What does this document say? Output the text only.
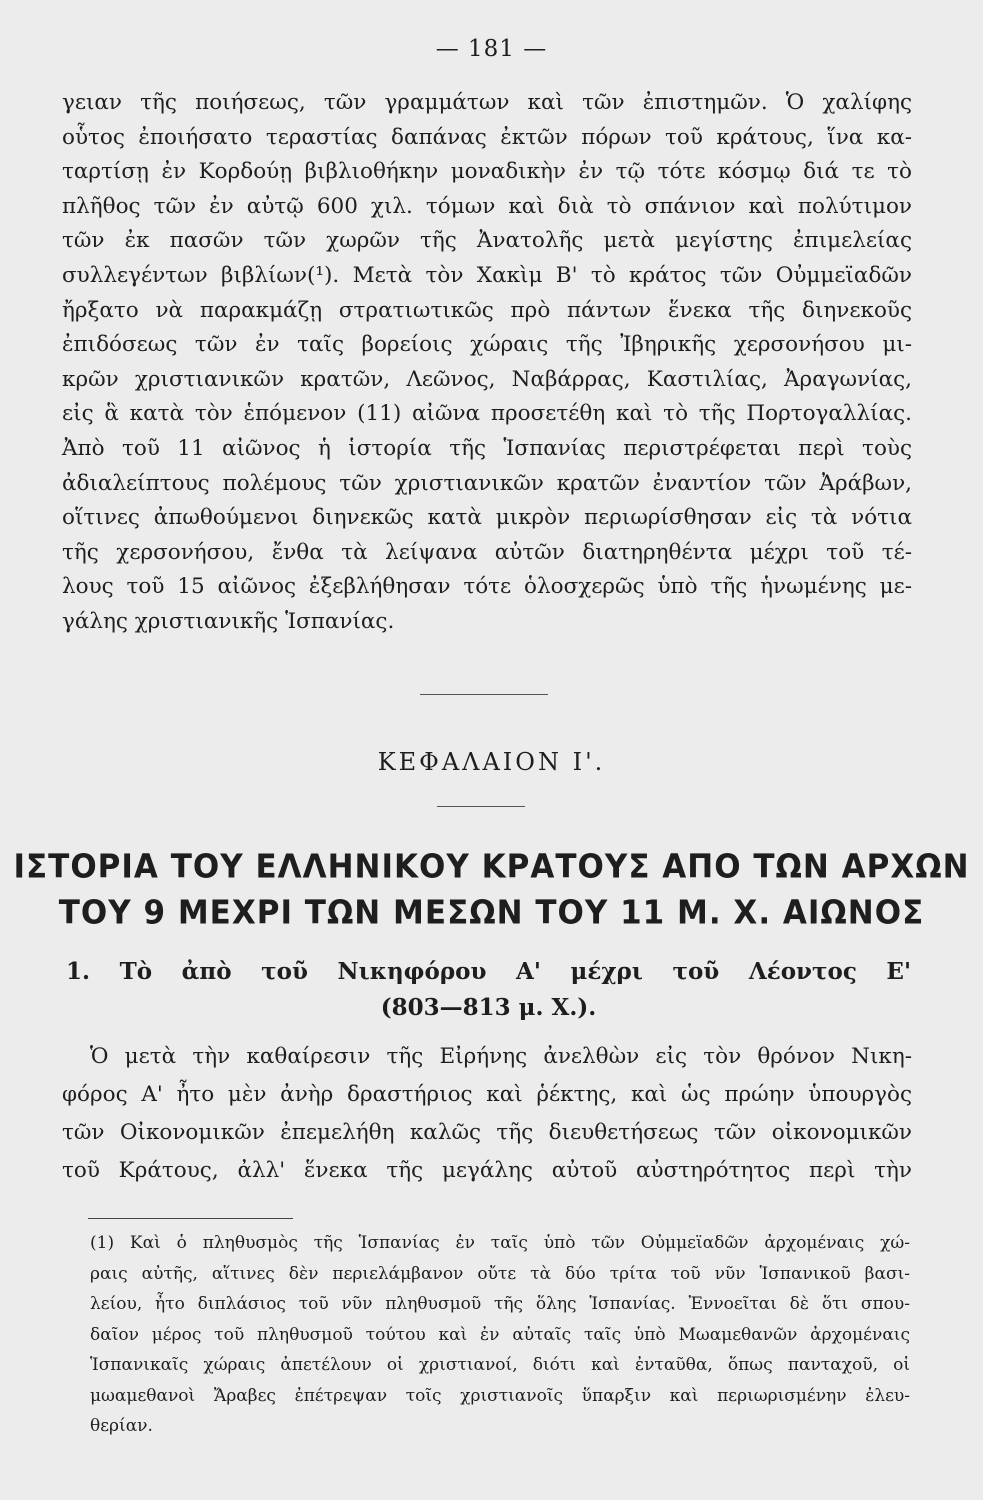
— 181 —
γειαν τῆς ποιήσεως, τῶν γραμμάτων καὶ τῶν ἐπιστημῶν. Ὁ χαλίφης
οὗτος ἐποιήσατο τεραστίας δαπάνας ἐκτῶν πόρων τοῦ κράτους, ἵνα κα-
ταρτίσῃ ἐν Κορδούῃ βιβλιοθήκην μοναδικὴν ἐν τῷ τότε κόσμῳ διά τε τὸ
πλῆθος τῶν ἐν αὐτῷ 600 χιλ. τόμων καὶ διὰ τὸ σπάνιον καὶ πολύτιμον
τῶν ἐκ πασῶν τῶν χωρῶν τῆς Ἀνατολῆς μετὰ μεγίστης ἐπιμελείας
συλλεγέντων βιβλίων(¹). Μετὰ τὸν Χακὶμ Β' τὸ κράτος τῶν Οὐμμεϊαδῶν
ἤρξατο νὰ παρακμάζῃ στρατιωτικῶς πρὸ πάντων ἕνεκα τῆς διηνεκοῦς
ἐπιδόσεως τῶν ἐν ταῖς βορείοις χώραις τῆς Ἰβηρικῆς χερσονήσου μι-
κρῶν χριστιανικῶν κρατῶν, Λεῶνος, Ναβάρρας, Καστιλίας, Ἀραγωνίας,
εἰς ἃ κατὰ τὸν ἑπόμενον (11) αἰῶνα προσετέθη καὶ τὸ τῆς Πορτογαλλίας.
Ἀπὸ τοῦ 11 αἰῶνος ἡ ἱστορία τῆς Ἱσπανίας περιστρέφεται περὶ τοὺς
ἀδιαλείπτους πολέμους τῶν χριστιανικῶν κρατῶν ἐναντίον τῶν Ἀράβων,
οἵτινες ἀπωθούμενοι διηνεκῶς κατὰ μικρὸν περιωρίσθησαν εἰς τὰ νότια
τῆς χερσονήσου, ἔνθα τὰ λείψανα αὐτῶν διατηρηθέντα μέχρι τοῦ τέ-
λους τοῦ 15 αἰῶνος ἐξεβλήθησαν τότε ὁλοσχερῶς ὑπὸ τῆς ἡνωμένης με-
γάλης χριστιανικῆς Ἱσπανίας.
ΚΕΦΑΛΑΙΟΝ Ι'.
ΙΣΤΟΡΙΑ ΤΟΥ ΕΛΛΗΝΙΚΟΥ ΚΡΑΤΟΥΣ ΑΠΟ ΤΩΝ ΑΡΧΩΝ
ΤΟΥ 9 ΜΕΧΡΙ ΤΩΝ ΜΕΣΩΝ ΤΟΥ 11 Μ. Χ. ΑΙΩΝΟΣ
1. Τὸ ἀπὸ τοῦ Νικηφόρου Α' μέχρι τοῦ Λέοντος Ε'
(803—813 μ. Χ.).
Ὁ μετὰ τὴν καθαίρεσιν τῆς Εἰρήνης ἀνελθὼν εἰς τὸν θρόνον Νικη-
φόρος Α' ἦτο μὲν ἀνὴρ δραστήριος καὶ ῥέκτης, καὶ ὡς πρώην ὑπουργὸς
τῶν Οἰκονομικῶν ἐπεμελήθη καλῶς τῆς διευθετήσεως τῶν οἰκονομικῶν
τοῦ Κράτους, ἀλλ' ἕνεκα τῆς μεγάλης αὐτοῦ αὐστηρότητος περὶ τὴν
(1) Καὶ ὁ πληθυσμὸς τῆς Ἱσπανίας ἐν ταῖς ὑπὸ τῶν Οὐμμεϊαδῶν ἀρχομέναις χώ-
ραις αὐτῆς, αἵτινες δὲν περιελάμβανον οὔτε τὰ δύο τρίτα τοῦ νῦν Ἱσπανικοῦ βασι-
λείου, ἦτο διπλάσιος τοῦ νῦν πληθυσμοῦ τῆς ὅλης Ἱσπανίας. Ἐννοεῖται δὲ ὅτι σπου-
δαῖον μέρος τοῦ πληθυσμοῦ τούτου καὶ ἐν αὐταῖς ταῖς ὑπὸ Μωαμεθανῶν ἀρχομέναις
Ἱσπανικαῖς χώραις ἀπετέλουν οἱ χριστιανοί, διότι καὶ ἐνταῦθα, ὅπως πανταχοῦ, οἱ
μωαμεθανοὶ Ἄραβες ἐπέτρεψαν τοῖς χριστιανοῖς ὕπαρξιν καὶ περιωρισμένην ἐλευ-
θερίαν.
